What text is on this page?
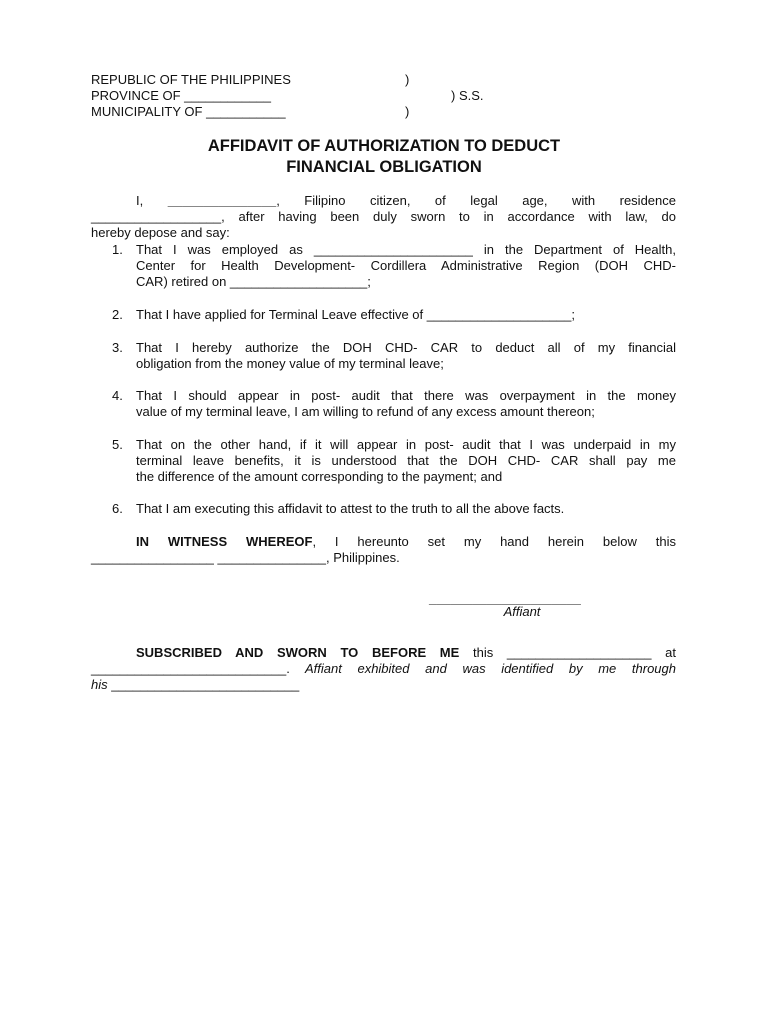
REPUBLIC OF THE PHILIPPINES	)
PROVINCE OF ____________	) S.S.
MUNICIPALITY OF ___________	)
AFFIDAVIT OF AUTHORIZATION TO DEDUCT
FINANCIAL OBLIGATION
I, _______________, Filipino citizen, of legal age, with residence
__________________, after having been duly sworn to in accordance with law, do
hereby depose and say:
1. That I was employed as ______________________ in the Department of Health,
Center for Health Development- Cordillera Administrative Region (DOH CHD-
CAR) retired on ___________________;
2. That I have applied for Terminal Leave effective of ____________________;
3. That I hereby authorize the DOH CHD- CAR to deduct all of my financial
obligation from the money value of my terminal leave;
4. That I should appear in post- audit that there was overpayment in the money
value of my terminal leave, I am willing to refund of any excess amount thereon;
5. That on the other hand, if it will appear in post- audit that I was underpaid in my
terminal leave benefits, it is understood that the DOH CHD- CAR shall pay me
the difference of the amount corresponding to the payment; and
6. That I am executing this affidavit to attest to the truth to all the above facts.
IN WITNESS WHEREOF, I hereunto set my hand herein below this
_________________ _______________, Philippines.
_____________________
Affiant
SUBSCRIBED AND SWORN TO BEFORE ME this ____________________ at
___________________________. Affiant exhibited and was identified by me through
his __________________________
